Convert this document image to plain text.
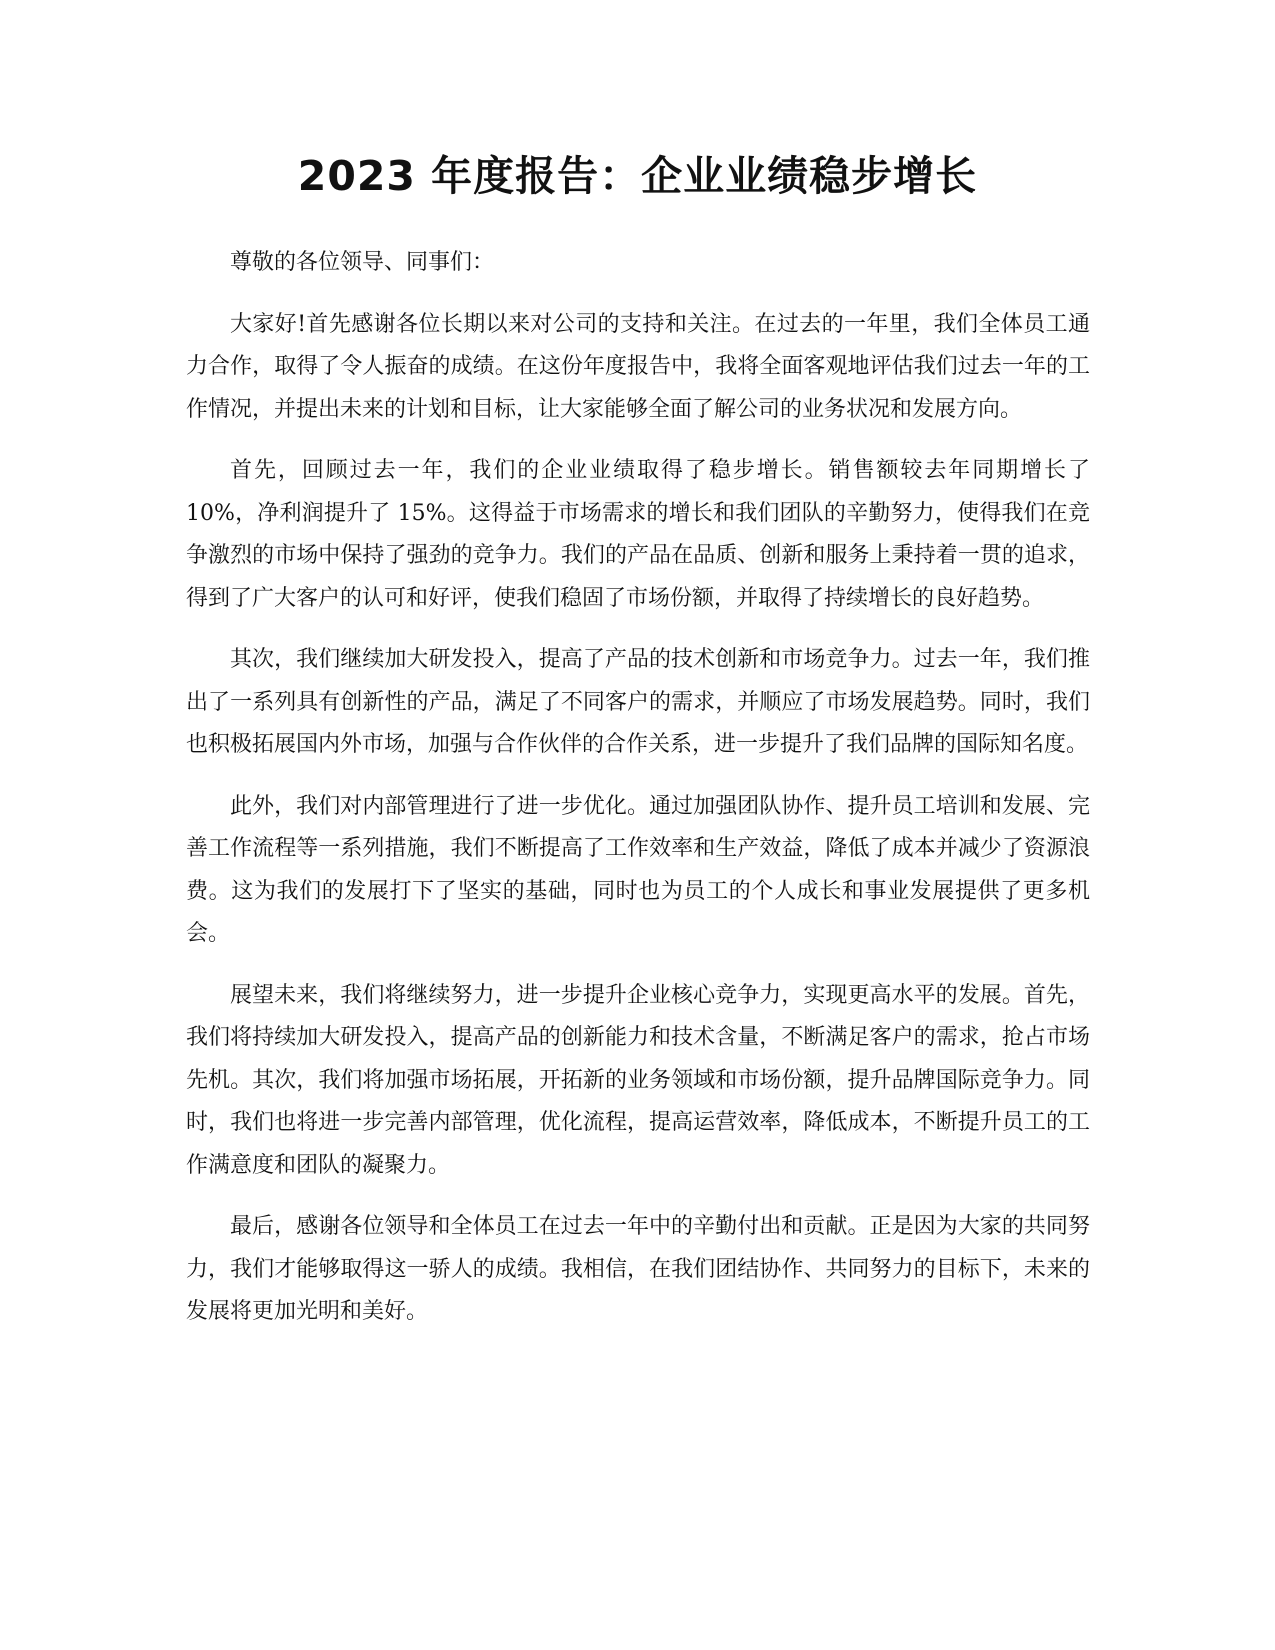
2023 年度报告：企业业绩稳步增长

尊敬的各位领导、同事们：

大家好!首先感谢各位长期以来对公司的支持和关注。在过去的一年里，我们全体员工通力合作，取得了令人振奋的成绩。在这份年度报告中，我将全面客观地评估我们过去一年的工作情况，并提出未来的计划和目标，让大家能够全面了解公司的业务状况和发展方向。

首先，回顾过去一年，我们的企业业绩取得了稳步增长。销售额较去年同期增长了 10%，净利润提升了 15%。这得益于市场需求的增长和我们团队的辛勤努力，使得我们在竞争激烈的市场中保持了强劲的竞争力。我们的产品在品质、创新和服务上秉持着一贯的追求，得到了广大客户的认可和好评，使我们稳固了市场份额，并取得了持续增长的良好趋势。

其次，我们继续加大研发投入，提高了产品的技术创新和市场竞争力。过去一年，我们推出了一系列具有创新性的产品，满足了不同客户的需求，并顺应了市场发展趋势。同时，我们也积极拓展国内外市场，加强与合作伙伴的合作关系，进一步提升了我们品牌的国际知名度。

此外，我们对内部管理进行了进一步优化。通过加强团队协作、提升员工培训和发展、完善工作流程等一系列措施，我们不断提高了工作效率和生产效益，降低了成本并减少了资源浪费。这为我们的发展打下了坚实的基础，同时也为员工的个人成长和事业发展提供了更多机会。

展望未来，我们将继续努力，进一步提升企业核心竞争力，实现更高水平的发展。首先，我们将持续加大研发投入，提高产品的创新能力和技术含量，不断满足客户的需求，抢占市场先机。其次，我们将加强市场拓展，开拓新的业务领域和市场份额，提升品牌国际竞争力。同时，我们也将进一步完善内部管理，优化流程，提高运营效率，降低成本，不断提升员工的工作满意度和团队的凝聚力。

最后，感谢各位领导和全体员工在过去一年中的辛勤付出和贡献。正是因为大家的共同努力，我们才能够取得这一骄人的成绩。我相信，在我们团结协作、共同努力的目标下，未来的发展将更加光明和美好。
